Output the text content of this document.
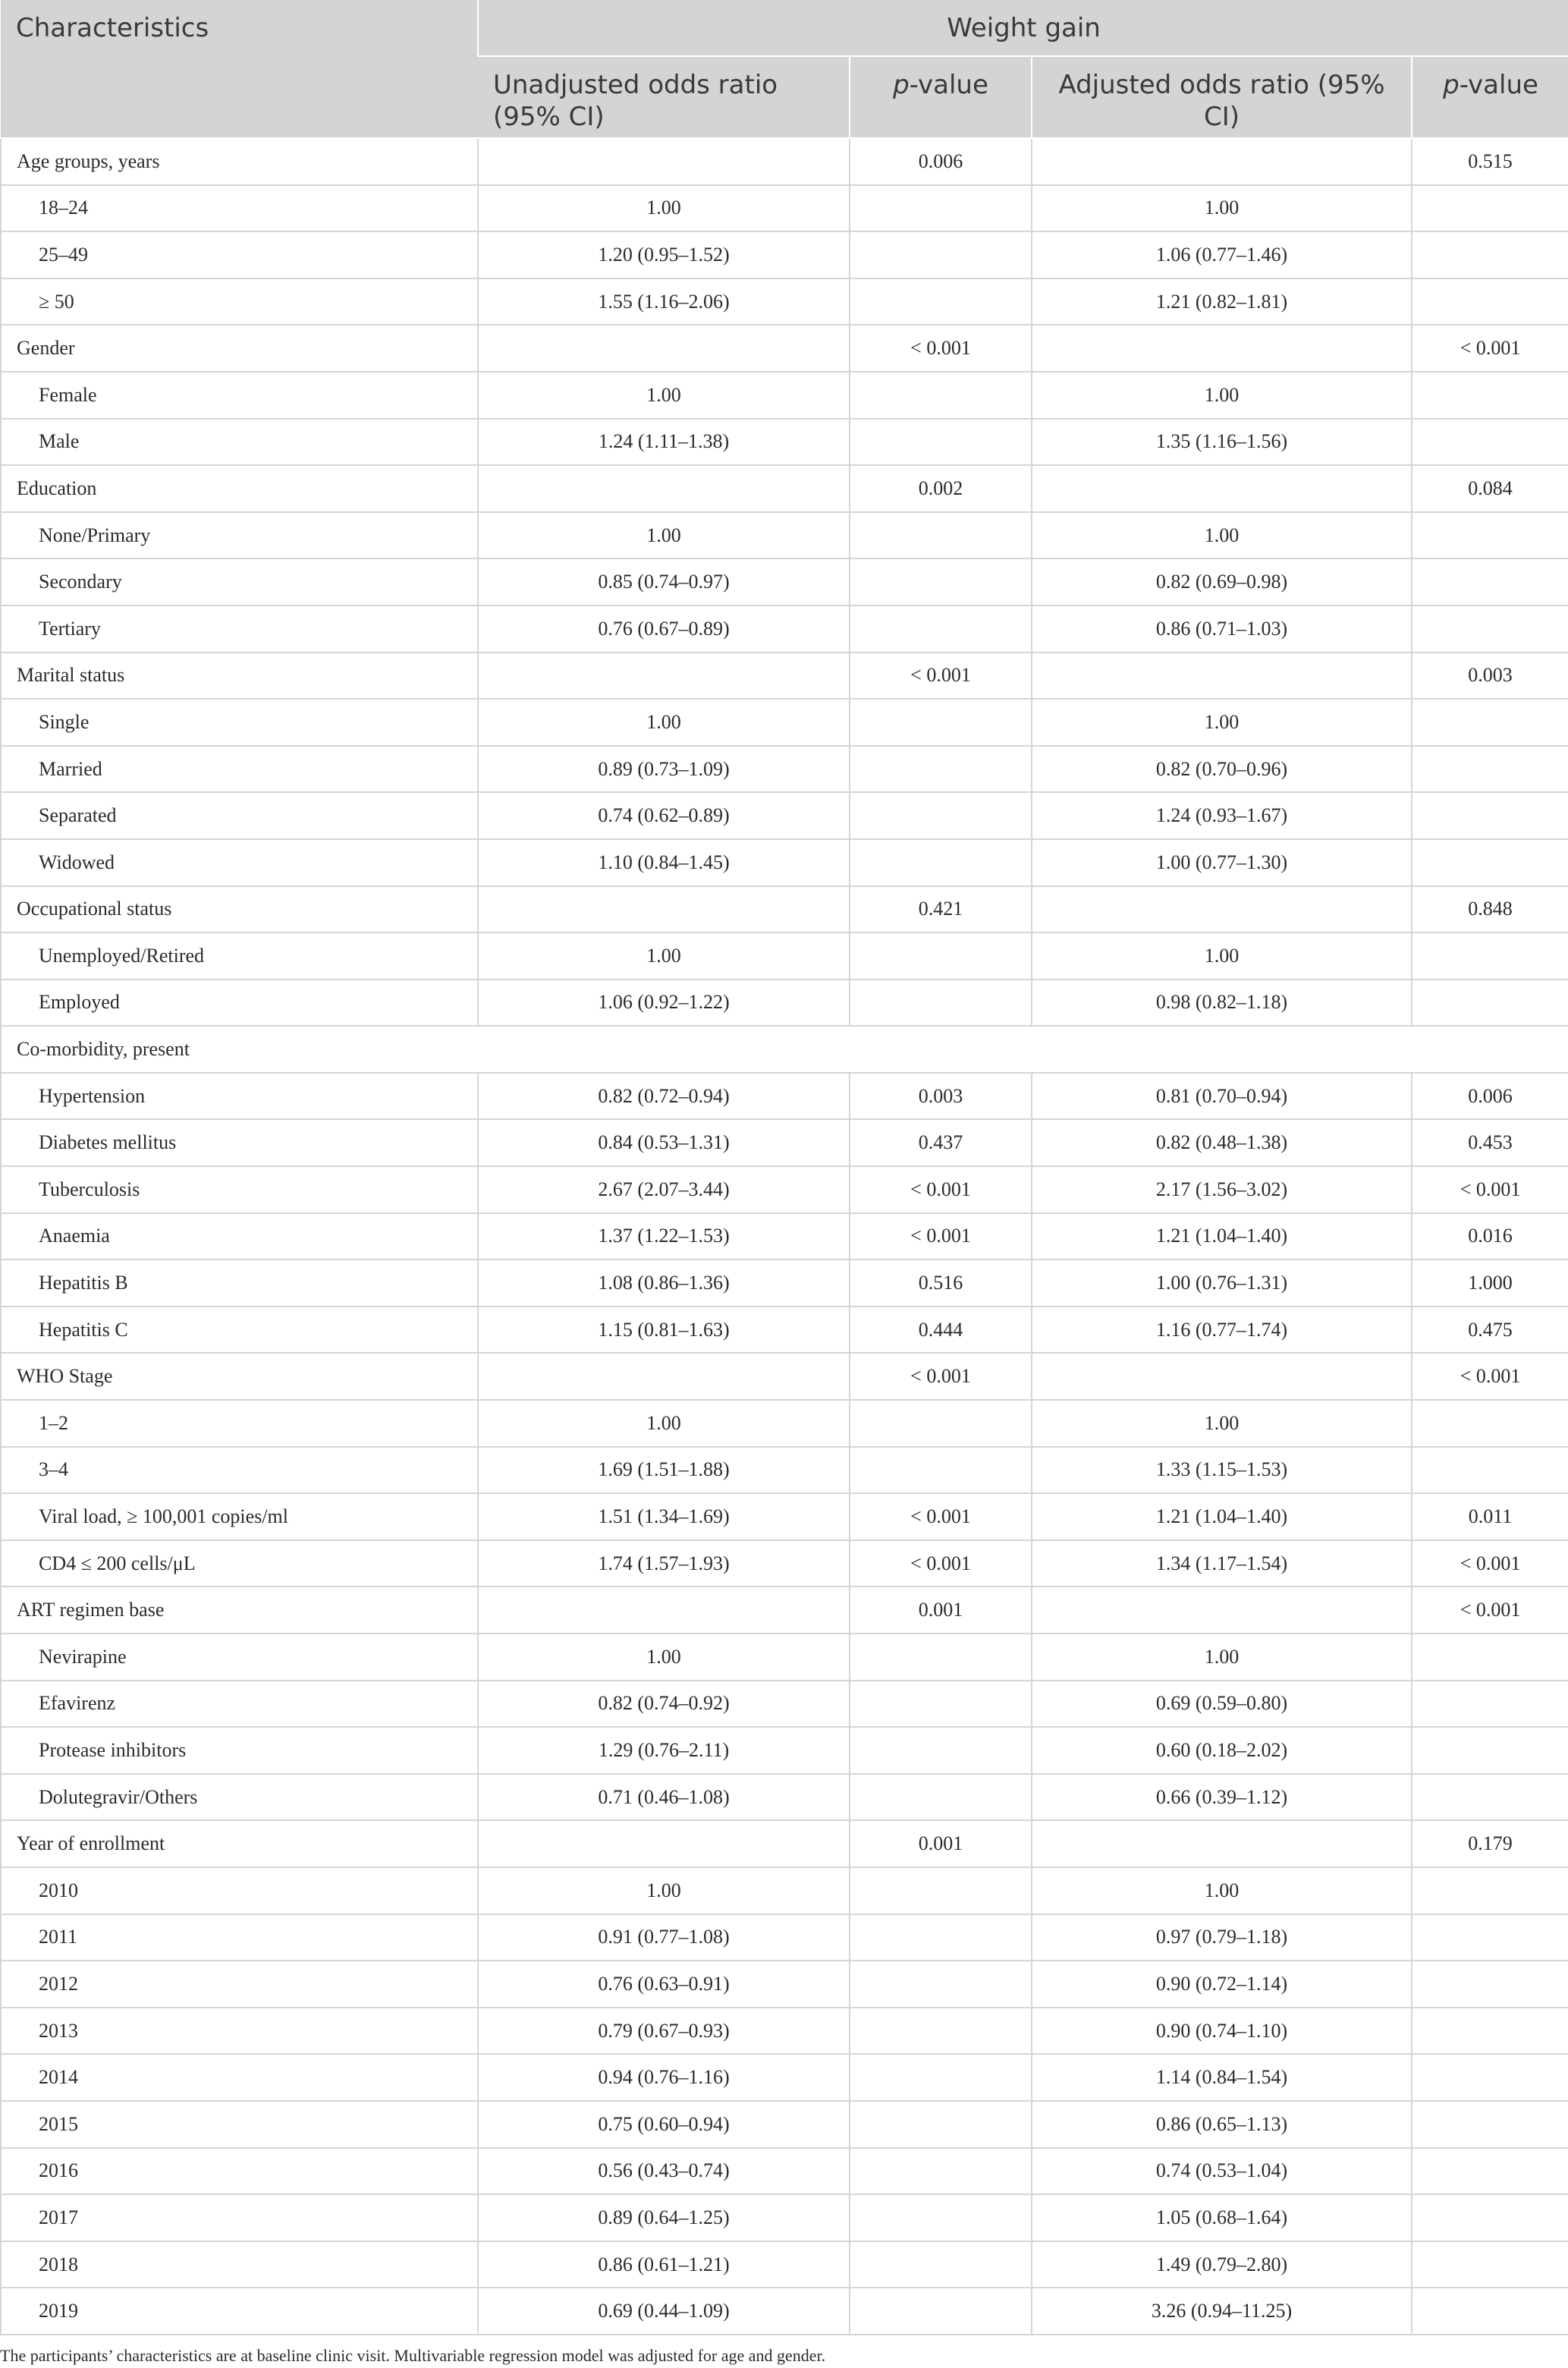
Characteristics	Weight gain			
	Unadjusted odds ratio (95% CI)	p-value	Adjusted odds ratio (95% CI)	p-value
Age groups, years		0.006		0.515
18–24	1.00		1.00	
25–49	1.20 (0.95–1.52)		1.06 (0.77–1.46)	
≥ 50	1.55 (1.16–2.06)		1.21 (0.82–1.81)	
Gender		< 0.001		< 0.001
Female	1.00		1.00	
Male	1.24 (1.11–1.38)		1.35 (1.16–1.56)	
Education		0.002		0.084
None/Primary	1.00		1.00	
Secondary	0.85 (0.74–0.97)		0.82 (0.69–0.98)	
Tertiary	0.76 (0.67–0.89)		0.86 (0.71–1.03)	
Marital status		< 0.001		0.003
Single	1.00		1.00	
Married	0.89 (0.73–1.09)		0.82 (0.70–0.96)	
Separated	0.74 (0.62–0.89)		1.24 (0.93–1.67)	
Widowed	1.10 (0.84–1.45)		1.00 (0.77–1.30)	
Occupational status		0.421		0.848
Unemployed/Retired	1.00		1.00	
Employed	1.06 (0.92–1.22)		0.98 (0.82–1.18)	
Co-morbidity, present				
Hypertension	0.82 (0.72–0.94)	0.003	0.81 (0.70–0.94)	0.006
Diabetes mellitus	0.84 (0.53–1.31)	0.437	0.82 (0.48–1.38)	0.453
Tuberculosis	2.67 (2.07–3.44)	< 0.001	2.17 (1.56–3.02)	< 0.001
Anaemia	1.37 (1.22–1.53)	< 0.001	1.21 (1.04–1.40)	0.016
Hepatitis B	1.08 (0.86–1.36)	0.516	1.00 (0.76–1.31)	1.000
Hepatitis C	1.15 (0.81–1.63)	0.444	1.16 (0.77–1.74)	0.475
WHO Stage		< 0.001		< 0.001
1–2	1.00		1.00	
3–4	1.69 (1.51–1.88)		1.33 (1.15–1.53)	
Viral load, ≥ 100,001 copies/ml	1.51 (1.34–1.69)	< 0.001	1.21 (1.04–1.40)	0.011
CD4 ≤ 200 cells/μL	1.74 (1.57–1.93)	< 0.001	1.34 (1.17–1.54)	< 0.001
ART regimen base		0.001		< 0.001
Nevirapine	1.00		1.00	
Efavirenz	0.82 (0.74–0.92)		0.69 (0.59–0.80)	
Protease inhibitors	1.29 (0.76–2.11)		0.60 (0.18–2.02)	
Dolutegravir/Others	0.71 (0.46–1.08)		0.66 (0.39–1.12)	
Year of enrollment		0.001		0.179
2010	1.00		1.00	
2011	0.91 (0.77–1.08)		0.97 (0.79–1.18)	
2012	0.76 (0.63–0.91)		0.90 (0.72–1.14)	
2013	0.79 (0.67–0.93)		0.90 (0.74–1.10)	
2014	0.94 (0.76–1.16)		1.14 (0.84–1.54)	
2015	0.75 (0.60–0.94)		0.86 (0.65–1.13)	
2016	0.56 (0.43–0.74)		0.74 (0.53–1.04)	
2017	0.89 (0.64–1.25)		1.05 (0.68–1.64)	
2018	0.86 (0.61–1.21)		1.49 (0.79–2.80)	
2019	0.69 (0.44–1.09)		3.26 (0.94–11.25)	
The participants’ characteristics are at baseline clinic visit. Multivariable regression model was adjusted for age and gender.
